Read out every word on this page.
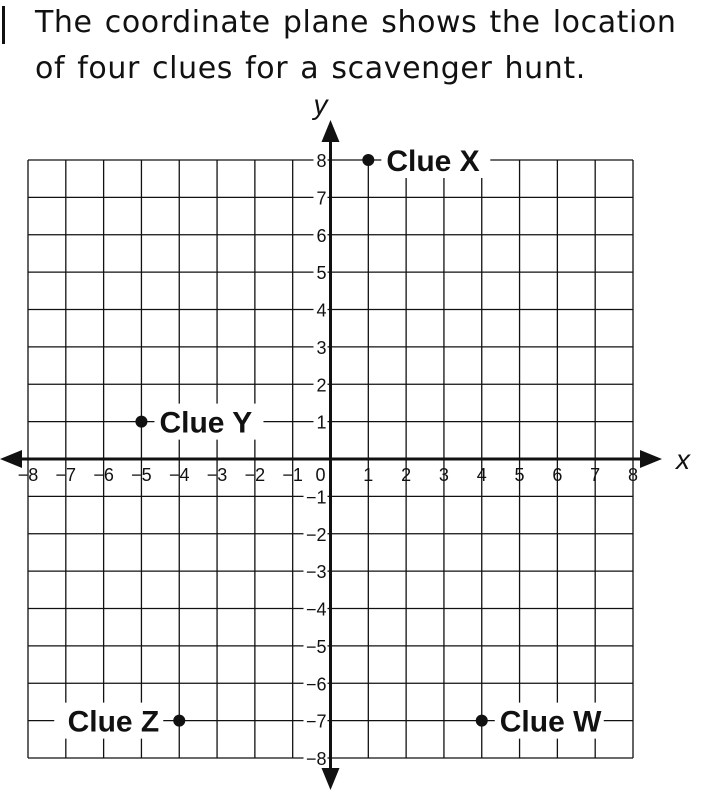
The coordinate plane shows the location of four clues for a scavenger hunt.

x
y
−8 −7 −6 −5 −4 −3 −2 −1	1 2 3 4 5 6 7 8
−8
−7
−6
−5
−4
−3
−2
−1
1
2
3
4
5
6
7
8
0
Clue X
Clue Y
Clue Z	Clue W
